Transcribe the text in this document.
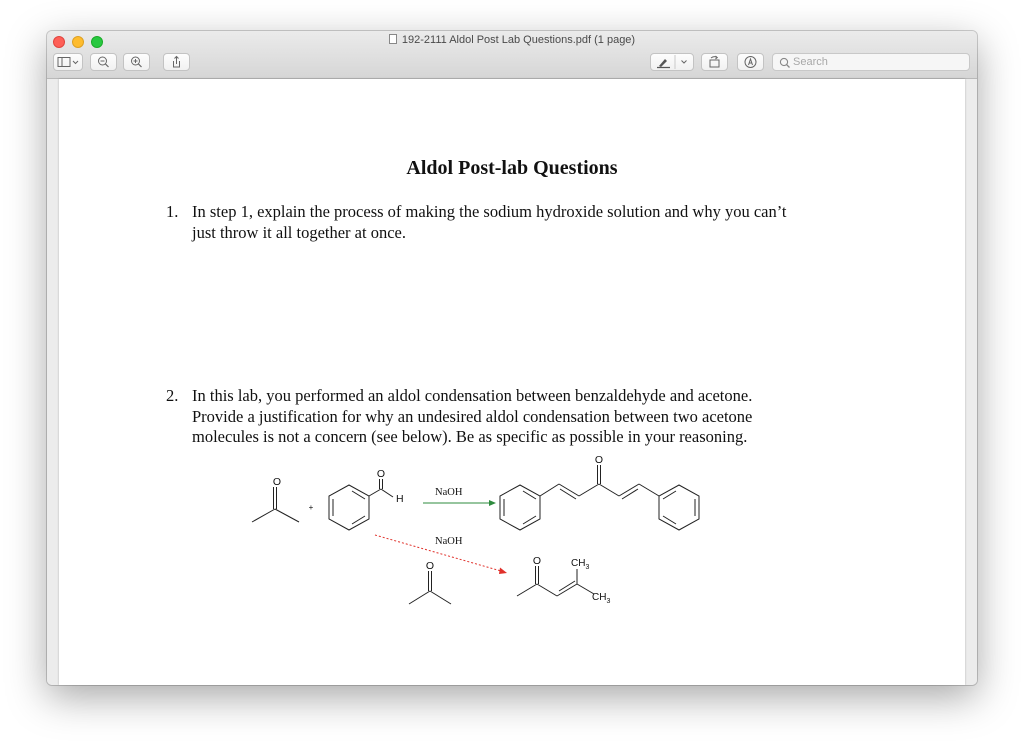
192-2111 Aldol Post Lab Questions.pdf (1 page)
Search
Aldol Post-lab Questions
1. In step 1, explain the process of making the sodium hydroxide solution and why you can’t
just throw it all together at once.
2. In this lab, you performed an aldol condensation between benzaldehyde and acetone.
Provide a justification for why an undesired aldol condensation between two acetone
molecules is not a concern (see below). Be as specific as possible in your reasoning.
O
O
H
+
O
O	O	$CH_3$
$CH_3$
NaOH
NaOH
